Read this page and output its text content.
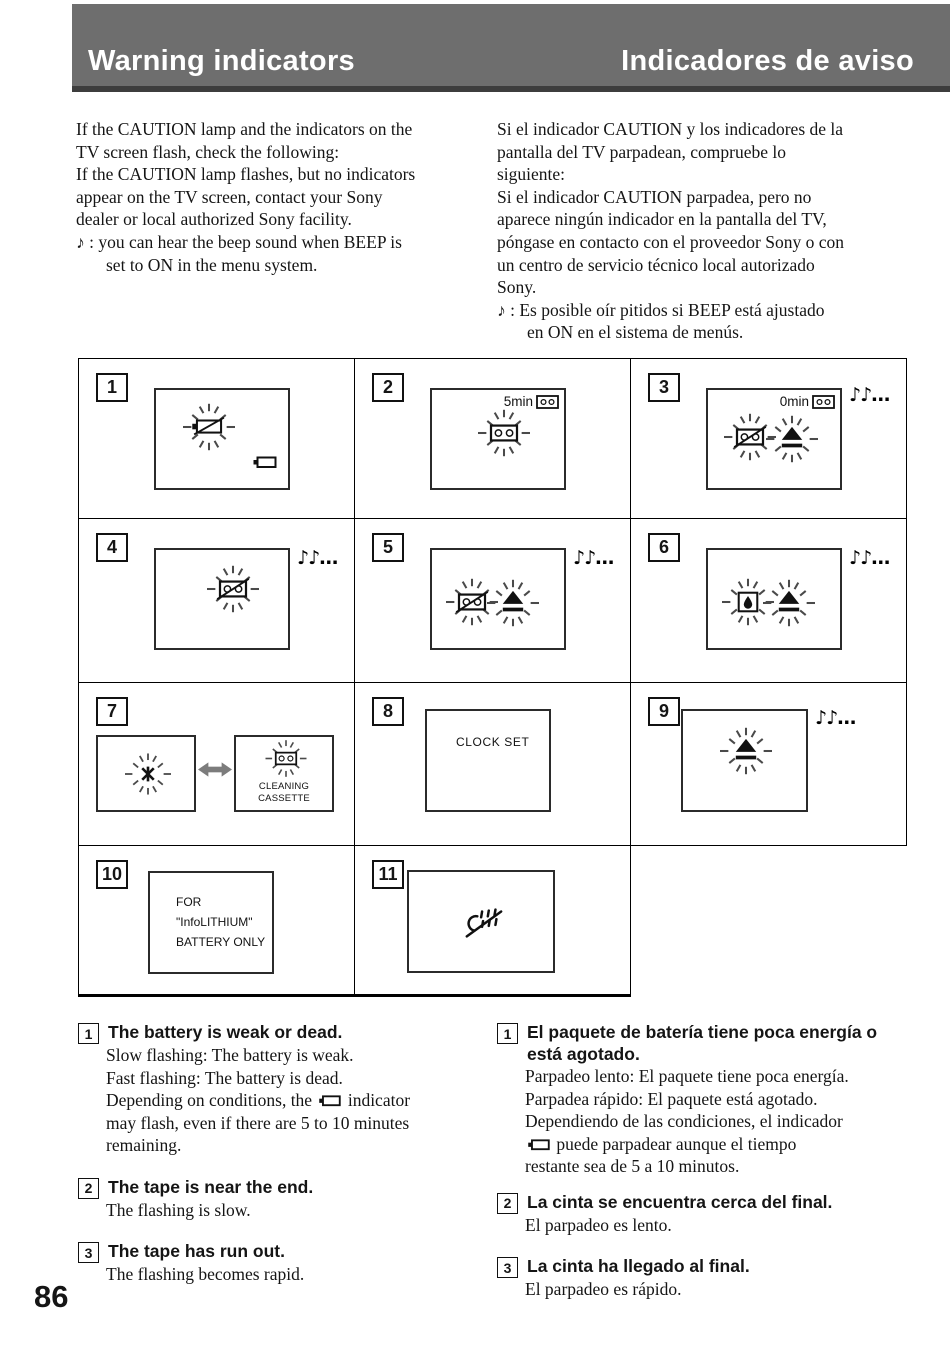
Warning indicators	Indicadores de aviso
If the CAUTION lamp and the indicators on the
TV screen flash, check the following:
If the CAUTION lamp flashes, but no indicators
appear on the TV screen, contact your Sony
dealer or local authorized Sony facility.
♪ : you can hear the beep sound when BEEP is
set to ON in the menu system.
Si el indicador CAUTION y los indicadores de la
pantalla del TV parpadean, compruebe lo
siguiente:
Si el indicador CAUTION parpadea, pero no
aparece ningún indicador en la pantalla del TV,
póngase en contacto con el proveedor Sony o con
un centro de servicio técnico local autorizado
Sony.
♪ : Es posible oír pitidos si BEEP está ajustado
en ON en el sistema de menús.
1	2
5min
3
0min ♪♪…
4	♪♪…	5	♪♪…	6	♪♪…
7
CLEANING
CASSETTE
8
CLOCK SET
9	♪♪…
10
FOR
"InfoLITHIUM"
BATTERY ONLY
11
1 The battery is weak or dead.
Slow flashing: The battery is weak.
Fast flashing: The battery is dead.
Depending on conditions, the  indicator
may flash, even if there are 5 to 10 minutes
remaining.
2 The tape is near the end.
The flashing is slow.
3 The tape has run out.
The flashing becomes rapid.
1 El paquete de batería tiene poca energía o
está agotado.
Parpadeo lento: El paquete tiene poca energía.
Parpadea rápido: El paquete está agotado.
Dependiendo de las condiciones, el indicador
puede parpadear aunque el tiempo
restante sea de 5 a 10 minutos.
2 La cinta se encuentra cerca del final.
El parpadeo es lento.
3 La cinta ha llegado al final.
El parpadeo es rápido.
86
